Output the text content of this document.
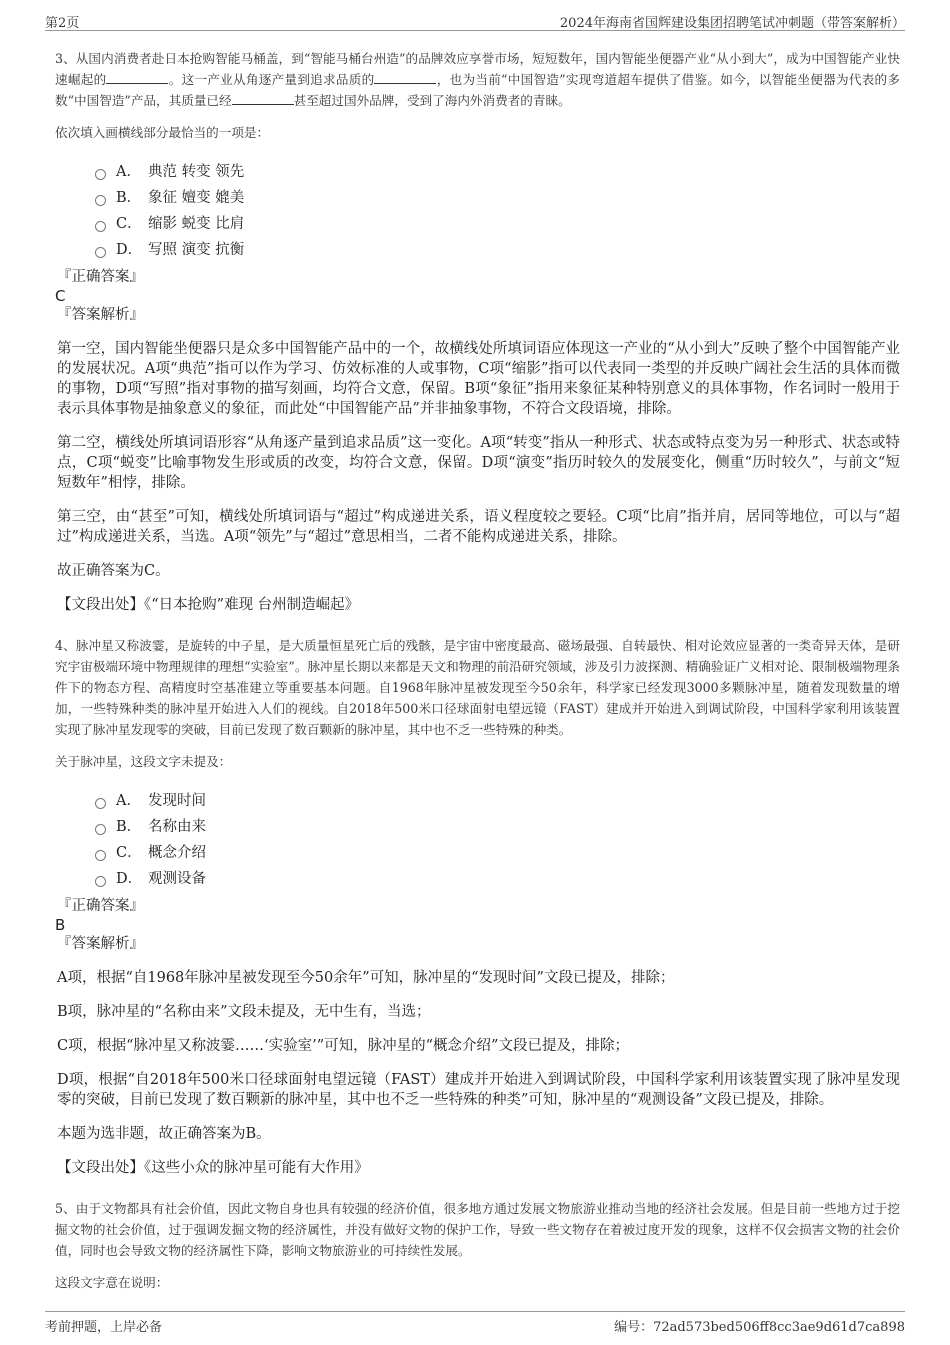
第2页	2024年海南省国辉建设集团招聘笔试冲刺题（带答案解析）

3、从国内消费者赴日本抢购智能马桶盖，到“智能马桶台州造”的品牌效应享誉市场，短短数年，国内智能坐便器产业“从小到大”，成为中国智能产业快速崛起的	。这一产业从角逐产量到追求品质的	，也为当前“中国智造”实现弯道超车提供了借鉴。如今，以智能坐便器为代表的多数“中国智造”产品，其质量已经	甚至超过国外品牌，受到了海内外消费者的青睐。

依次填入画横线部分最恰当的一项是：

A． 典范 转变 领先
B． 象征 嬗变 媲美
C． 缩影 蜕变 比肩
D． 写照 演变 抗衡

『正确答案』

C

『答案解析』

第一空，国内智能坐便器只是众多中国智能产品中的一个，故横线处所填词语应体现这一产业的“从小到大”反映了整个中国智能产业的发展状况。A项“典范”指可以作为学习、仿效标准的人或事物，C项“缩影”指可以代表同一类型的并反映广阔社会生活的具体而微的事物，D项“写照”指对事物的描写刻画，均符合文意，保留。B项“象征”指用来象征某种特别意义的具体事物，作名词时一般用于表示具体事物是抽象意义的象征，而此处“中国智能产品”并非抽象事物，不符合文段语境，排除。

第二空，横线处所填词语形容“从角逐产量到追求品质”这一变化。A项“转变”指从一种形式、状态或特点变为另一种形式、状态或特点，C项“蜕变”比喻事物发生形或质的改变，均符合文意，保留。D项“演变”指历时较久的发展变化，侧重“历时较久”，与前文“短短数年”相悖，排除。

第三空，由“甚至”可知，横线处所填词语与“超过”构成递进关系，语义程度较之要轻。C项“比肩”指并肩，居同等地位，可以与“超过”构成递进关系，当选。A项“领先”与“超过”意思相当，二者不能构成递进关系，排除。

故正确答案为C。

【文段出处】《“日本抢购”难现 台州制造崛起》

4、脉冲星又称波霎，是旋转的中子星，是大质量恒星死亡后的残骸，是宇宙中密度最高、磁场最强、自转最快、相对论效应显著的一类奇异天体，是研究宇宙极端环境中物理规律的理想“实验室”。脉冲星长期以来都是天文和物理的前沿研究领域，涉及引力波探测、精确验证广义相对论、限制极端物理条件下的物态方程、高精度时空基准建立等重要基本问题。自1968年脉冲星被发现至今50余年，科学家已经发现3000多颗脉冲星，随着发现数量的增加，一些特殊种类的脉冲星开始进入人们的视线。自2018年500米口径球面射电望远镜（FAST）建成并开始进入到调试阶段，中国科学家利用该装置实现了脉冲星发现零的突破，目前已发现了数百颗新的脉冲星，其中也不乏一些特殊的种类。

关于脉冲星，这段文字未提及：

A． 发现时间
B． 名称由来
C． 概念介绍
D． 观测设备

『正确答案』

B

『答案解析』

A项，根据“自1968年脉冲星被发现至今50余年”可知，脉冲星的“发现时间”文段已提及，排除；

B项，脉冲星的“名称由来”文段未提及，无中生有，当选；

C项，根据“脉冲星又称波霎……‘实验室’”可知，脉冲星的“概念介绍”文段已提及，排除；

D项，根据“自2018年500米口径球面射电望远镜（FAST）建成并开始进入到调试阶段，中国科学家利用该装置实现了脉冲星发现零的突破，目前已发现了数百颗新的脉冲星，其中也不乏一些特殊的种类”可知，脉冲星的“观测设备”文段已提及，排除。

本题为选非题，故正确答案为B。

【文段出处】《这些小众的脉冲星可能有大作用》

5、由于文物都具有社会价值，因此文物自身也具有较强的经济价值，很多地方通过发展文物旅游业推动当地的经济社会发展。但是目前一些地方过于挖掘文物的社会价值，过于强调发掘文物的经济属性，并没有做好文物的保护工作，导致一些文物存在着被过度开发的现象，这样不仅会损害文物的社会价值，同时也会导致文物的经济属性下降，影响文物旅游业的可持续性发展。

这段文字意在说明：

考前押题，上岸必备	编号：72ad573bed506ff8cc3ae9d61d7ca898
